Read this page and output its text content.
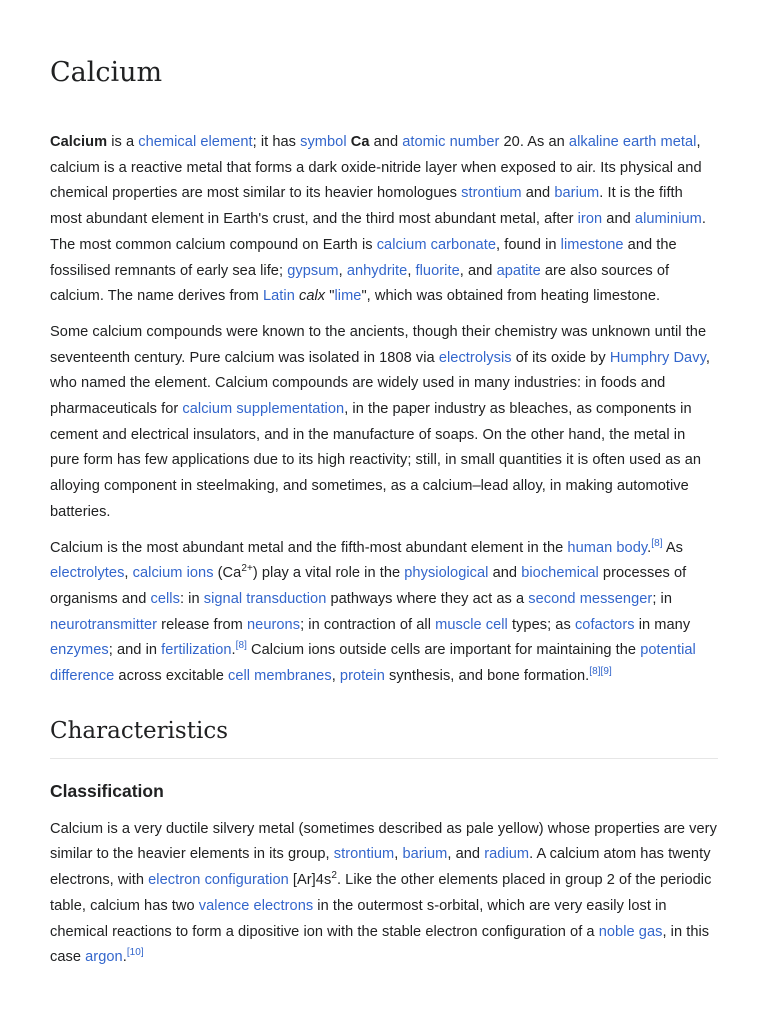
Calcium

Calcium is a chemical element; it has symbol Ca and atomic number 20. As an alkaline earth metal, calcium is a reactive metal that forms a dark oxide-nitride layer when exposed to air. Its physical and chemical properties are most similar to its heavier homologues strontium and barium. It is the fifth most abundant element in Earth's crust, and the third most abundant metal, after iron and aluminium. The most common calcium compound on Earth is calcium carbonate, found in limestone and the fossilised remnants of early sea life; gypsum, anhydrite, fluorite, and apatite are also sources of calcium. The name derives from Latin calx "lime", which was obtained from heating limestone.

Some calcium compounds were known to the ancients, though their chemistry was unknown until the seventeenth century. Pure calcium was isolated in 1808 via electrolysis of its oxide by Humphry Davy, who named the element. Calcium compounds are widely used in many industries: in foods and pharmaceuticals for calcium supplementation, in the paper industry as bleaches, as components in cement and electrical insulators, and in the manufacture of soaps. On the other hand, the metal in pure form has few applications due to its high reactivity; still, in small quantities it is often used as an alloying component in steelmaking, and sometimes, as a calcium–lead alloy, in making automotive batteries.

Calcium is the most abundant metal and the fifth-most abundant element in the human body.[8] As electrolytes, calcium ions $(Ca^{2+})$ play a vital role in the physiological and biochemical processes of organisms and cells: in signal transduction pathways where they act as a second messenger; in neurotransmitter release from neurons; in contraction of all muscle cell types; as cofactors in many enzymes; and in fertilization.[8] Calcium ions outside cells are important for maintaining the potential difference across excitable cell membranes, protein synthesis, and bone formation.[8][9]

Characteristics
Classification

Calcium is a very ductile silvery metal (sometimes described as pale yellow) whose properties are very similar to the heavier elements in its group, strontium, barium, and radium. A calcium atom has twenty electrons, with electron configuration $[Ar]4s^2$. Like the other elements placed in group 2 of the periodic table, calcium has two valence electrons in the outermost s-orbital, which are very easily lost in chemical reactions to form a dipositive ion with the stable electron configuration of a noble gas, in this case argon.[10]
